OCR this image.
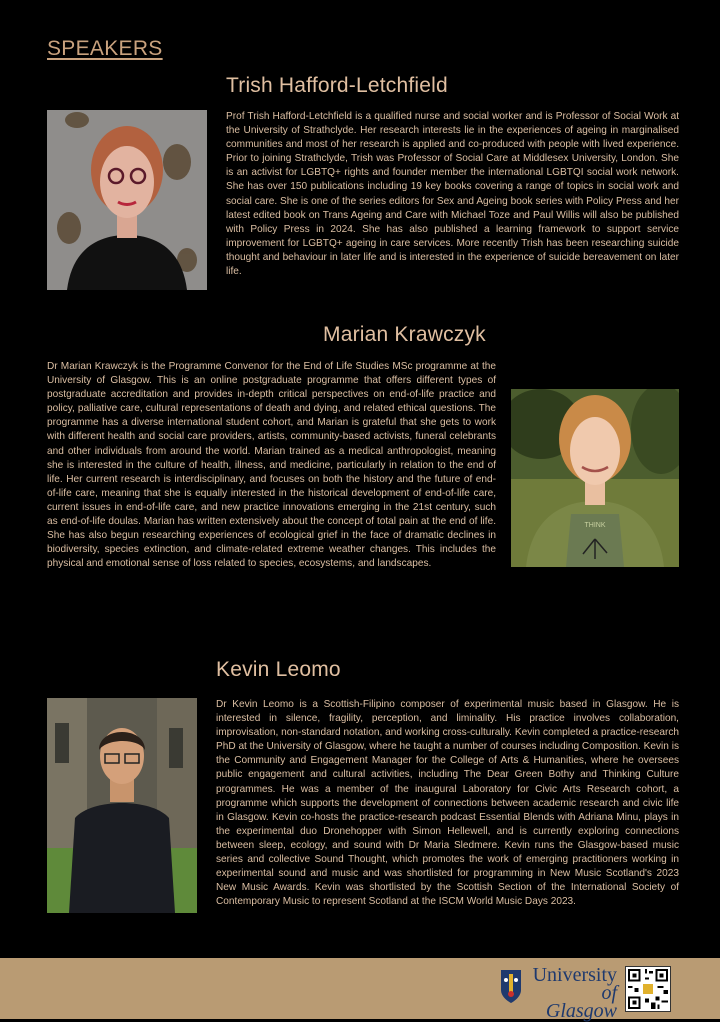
SPEAKERS
Trish Hafford-Letchfield

Prof Trish Hafford-Letchfield is a qualified nurse and social worker and is Professor of Social Work at the University of Strathclyde. Her research interests lie in the experiences of ageing in marginalised communities and most of her research is applied and co-produced with people with lived experience. Prior to joining Strathclyde, Trish was Professor of Social Care at Middlesex University, London. She is an activist for LGBTQ+ rights and founder member the international LGBTQI social work network. She has over 150 publications including 19 key books covering a range of topics in social work and social care. She is one of the series editors for Sex and Ageing book series with Policy Press and her latest edited book on Trans Ageing and Care with Michael Toze and Paul Willis will also be published with Policy Press in 2024. She has also published a learning framework to support service improvement for LGBTQ+ ageing in care services. More recently Trish has been researching suicide thought and behaviour in later life and is interested in the experience of suicide bereavement on later life.

Marian Krawczyk

Dr Marian Krawczyk is the Programme Convenor for the End of Life Studies MSc programme at the University of Glasgow. This is an online postgraduate programme that offers different types of postgraduate accreditation and provides in-depth critical perspectives on end-of-life practice and policy, palliative care, cultural representations of death and dying, and related ethical questions. The programme has a diverse international student cohort, and Marian is grateful that she gets to work with different health and social care providers, artists, community-based activists, funeral celebrants and other individuals from around the world. Marian trained as a medical anthropologist, meaning she is interested in the culture of health, illness, and medicine, particularly in relation to the end of life. Her current research is interdisciplinary, and focuses on both the history and the future of end-of-life care, meaning that she is equally interested in the historical development of end-of-life care, current issues in end-of-life care, and new practice innovations emerging in the 21st century, such as end-of-life doulas. Marian has written extensively about the concept of total pain at the end of life. She has also begun researching experiences of ecological grief in the face of dramatic declines in biodiversity, species extinction, and climate-related extreme weather changes. This includes the physical and emotional sense of loss related to species, ecosystems, and landscapes.

THINK
Kevin Leomo

Dr Kevin Leomo is a Scottish-Filipino composer of experimental music based in Glasgow. He is interested in silence, fragility, perception, and liminality. His practice involves collaboration, improvisation, non-standard notation, and working cross-culturally. Kevin completed a practice-research PhD at the University of Glasgow, where he taught a number of courses including Composition. Kevin is the Community and Engagement Manager for the College of Arts & Humanities, where he oversees public engagement and cultural activities, including The Dear Green Bothy and Thinking Culture programmes. He was a member of the inaugural Laboratory for Civic Arts Research cohort, a programme which supports the development of connections between academic research and civic life in Glasgow. Kevin co-hosts the practice-research podcast Essential Blends with Adriana Minu, plays in the experimental duo Dronehopper with Simon Hellewell, and is currently exploring connections between sleep, ecology, and sound with Dr Maria Sledmere. Kevin runs the Glasgow-based music series and collective Sound Thought, which promotes the work of emerging practitioners working in experimental sound and music and was shortlisted for programming in New Music Scotland's 2023 New Music Awards. Kevin was shortlisted by the Scottish Section of the International Society of Contemporary Music to represent Scotland at the ISCM World Music Days 2023.

University
of Glasgow
